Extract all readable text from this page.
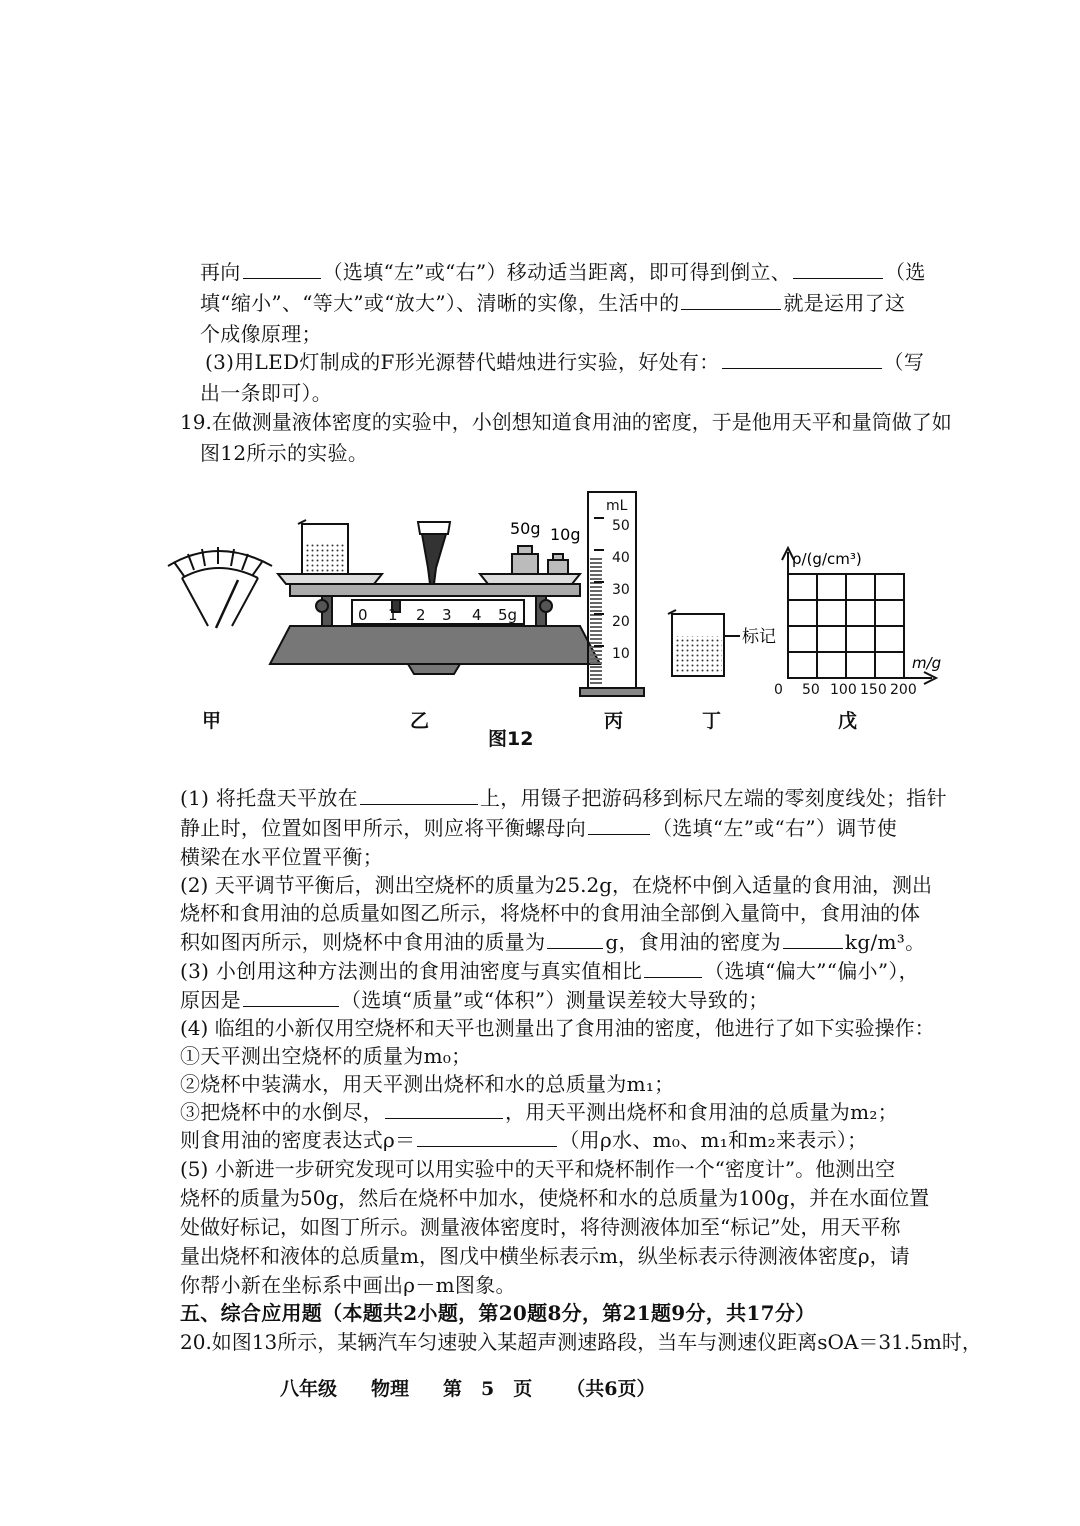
再向	（选填“左”或“右”）移动适当距离，即可得到倒立、	（选
填“缩小”、“等大”或“放大”）、清晰的实像，生活中的	就是运用了这
个成像原理；
(3)用LED灯制成的F形光源替代蜡烛进行实验，好处有：	（写
出一条即可）。
19.在做测量液体密度的实验中，小创想知道食用油的密度，于是他用天平和量筒做了如
图12所示的实验。
0 1 2 3 4 5g
50g 10g
mL
50
40
30
20
10
标记
ρ/(g/cm³)
m/g
0 50 100 150 200
甲	乙	丙	丁	戊
图12
(1) 将托盘天平放在	上，用镊子把游码移到标尺左端的零刻度线处；指针
静止时，位置如图甲所示，则应将平衡螺母向	（选填“左”或“右”）调节使
横梁在水平位置平衡；
(2) 天平调节平衡后，测出空烧杯的质量为25.2g，在烧杯中倒入适量的食用油，测出
烧杯和食用油的总质量如图乙所示，将烧杯中的食用油全部倒入量筒中，食用油的体
积如图丙所示，则烧杯中食用油的质量为	g，食用油的密度为	kg/m³。
(3) 小创用这种方法测出的食用油密度与真实值相比	（选填“偏大”“偏小”），
原因是	（选填“质量”或“体积”）测量误差较大导致的；
(4) 临组的小新仅用空烧杯和天平也测量出了食用油的密度，他进行了如下实验操作：
①天平测出空烧杯的质量为m₀；
②烧杯中装满水，用天平测出烧杯和水的总质量为m₁；
③把烧杯中的水倒尽，	，用天平测出烧杯和食用油的总质量为m₂；
则食用油的密度表达式ρ＝	（用ρ水、m₀、m₁和m₂来表示）；
(5) 小新进一步研究发现可以用实验中的天平和烧杯制作一个“密度计”。他测出空
烧杯的质量为50g，然后在烧杯中加水，使烧杯和水的总质量为100g，并在水面位置
处做好标记，如图丁所示。测量液体密度时，将待测液体加至“标记”处，用天平称
量出烧杯和液体的总质量m，图戊中横坐标表示m，纵坐标表示待测液体密度ρ，请
你帮小新在坐标系中画出ρ－m图象。
五、综合应用题（本题共2小题，第20题8分，第21题9分，共17分）
20.如图13所示，某辆汽车匀速驶入某超声测速路段，当车与测速仪距离sOA＝31.5m时，
八年级 物理 第　5　页 （共6页）
